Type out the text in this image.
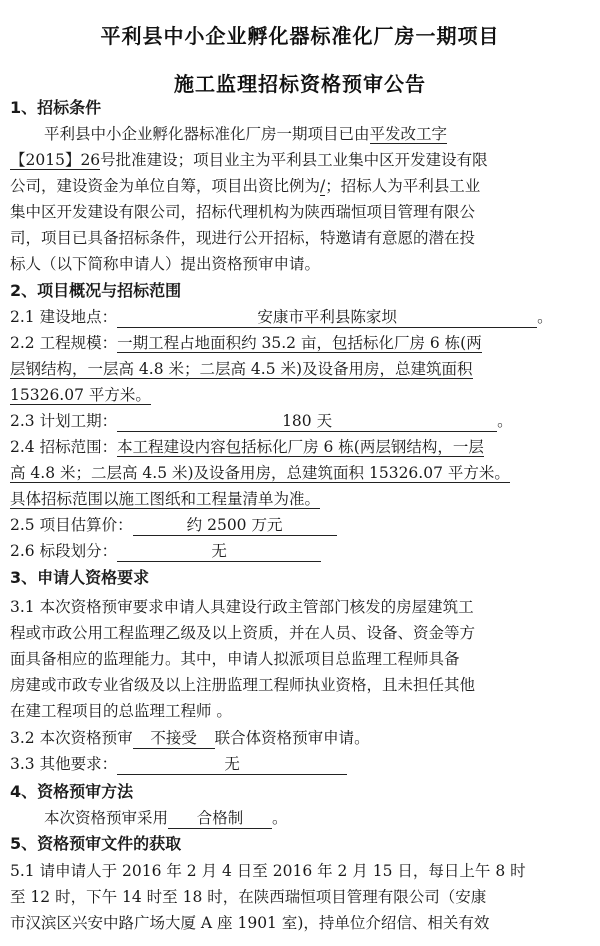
平利县中小企业孵化器标准化厂房一期项目
施工监理招标资格预审公告
1、招标条件
平利县中小企业孵化器标准化厂房一期项目已由平发改工字
【2015】26号批准建设；项目业主为平利县工业集中区开发建设有限
公司，建设资金为单位自筹，项目出资比例为/；招标人为平利县工业
集中区开发建设有限公司，招标代理机构为陕西瑞恒项目管理有限公
司，项目已具备招标条件，现进行公开招标，特邀请有意愿的潜在投
标人（以下简称申请人）提出资格预审申请。
2、项目概况与招标范围
2.1 建设地点：	安康市平利县陈家坝	。
2.2 工程规模：一期工程占地面积约 35.2 亩，包括标化厂房 6 栋(两
层钢结构，一层高 4.8 米；二层高 4.5 米)及设备用房，总建筑面积
15326.07 平方米。
2.3 计划工期：	180 天	。
2.4 招标范围：本工程建设内容包括标化厂房 6 栋(两层钢结构，一层
高 4.8 米；二层高 4.5 米)及设备用房，总建筑面积 15326.07 平方米。
具体招标范围以施工图纸和工程量清单为准。
2.5 项目估算价：	约 2500 万元
2.6 标段划分：	无
3、申请人资格要求
3.1 本次资格预审要求申请人具建设行政主管部门核发的房屋建筑工
程或市政公用工程监理乙级及以上资质，并在人员、设备、资金等方
面具备相应的监理能力。其中，申请人拟派项目总监理工程师具备
房建或市政专业省级及以上注册监理工程师执业资格，且未担任其他
在建工程项目的总监理工程师 。
3.2 本次资格预审 不接受 联合体资格预审申请。
3.3 其他要求：	无
4、资格预审方法
本次资格预审采用 合格制 。
5、资格预审文件的获取
5.1 请申请人于 2016 年 2 月 4 日至 2016 年 2 月 15 日，每日上午 8 时
至 12 时，下午 14 时至 18 时，在陕西瑞恒项目管理有限公司（安康
市汉滨区兴安中路广场大厦 A 座 1901 室)，持单位介绍信、相关有效
